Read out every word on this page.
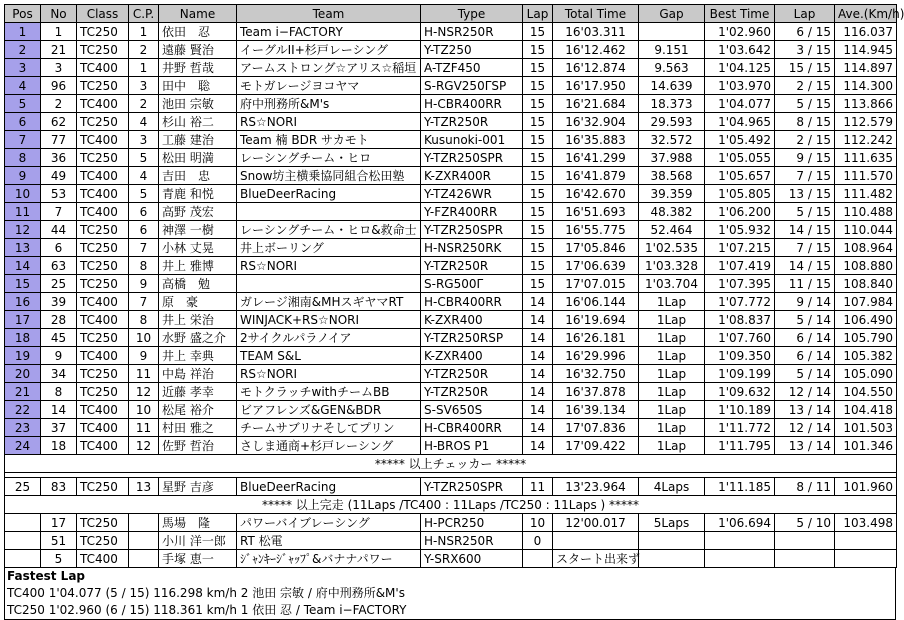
Pos	No	Class	C.P.	Name	Team	Type	Lap	Total Time	Gap	Best Time	Lap	Ave.(Km/h)
1	1	TC250	1	依田　忍	Team i−FACTORY	H-NSR250R	15	16'03.311		1'02.960	6 / 15	116.037
2	21	TC250	2	遠藤 賢治	イーグルII+杉戸レーシング	Y-TZ250	15	16'12.462	9.151	1'03.642	3 / 15	114.945
3	3	TC400	1	井野 哲哉	アームストロング☆アリス☆稲垣	A-TZF450	15	16'12.874	9.563	1'04.125	15 / 15	114.897
4	96	TC250	3	田中　聡	モトガレージヨコヤマ	S-RGV250ΓSP	15	16'17.950	14.639	1'03.970	2 / 15	114.300
5	2	TC400	2	池田 宗敏	府中刑務所&M's	H-CBR400RR	15	16'21.684	18.373	1'04.077	5 / 15	113.866
6	62	TC250	4	杉山 裕二	RS☆NORI	Y-TZR250R	15	16'32.904	29.593	1'04.965	8 / 15	112.579
7	77	TC400	3	工藤 建治	Team 楠 BDR サカモト	Kusunoki-001	15	16'35.883	32.572	1'05.492	2 / 15	112.242
8	36	TC250	5	松田 明満	レーシングチーム・ヒロ	Y-TZR250SPR	15	16'41.299	37.988	1'05.055	9 / 15	111.635
9	49	TC400	4	吉田　忠	Snow坊主横乗協同組合松田塾	K-ZXR400R	15	16'41.879	38.568	1'05.657	7 / 15	111.570
10	53	TC400	5	青鹿 和悦	BlueDeerRacing	Y-TZ426WR	15	16'42.670	39.359	1'05.805	13 / 15	111.482
11	7	TC400	6	高野 茂宏		Y-FZR400RR	15	16'51.693	48.382	1'06.200	5 / 15	110.488
12	44	TC250	6	神澤 一樹	レーシングチーム・ヒロ&救命士	Y-TZR250SPR	15	16'55.775	52.464	1'05.932	14 / 15	110.044
13	6	TC250	7	小林 丈晃	井上ボーリング	H-NSR250RK	15	17'05.846	1'02.535	1'07.215	7 / 15	108.964
14	63	TC250	8	井上 雅博	RS☆NORI	Y-TZR250R	15	17'06.639	1'03.328	1'07.419	14 / 15	108.880
15	25	TC250	9	高橋　勉		S-RG500Γ	15	17'07.015	1'03.704	1'07.395	11 / 15	108.840
16	39	TC400	7	原　豪	ガレージ湘南&MHスギヤマRT	H-CBR400RR	14	16'06.144	1Lap	1'07.772	9 / 14	107.984
17	28	TC400	8	井上 栄治	WINJACK+RS☆NORI	K-ZXR400	14	16'19.694	1Lap	1'08.837	5 / 14	106.490
18	45	TC250	10	水野 盛之介	2サイクルパラノイア	Y-TZR250RSP	14	16'26.181	1Lap	1'07.760	6 / 14	105.790
19	9	TC400	9	井上 幸典	TEAM S&L	K-ZXR400	14	16'29.996	1Lap	1'09.350	6 / 14	105.382
20	34	TC250	11	中島 祥治	RS☆NORI	Y-TZR250R	14	16'32.750	1Lap	1'09.199	5 / 14	105.090
21	8	TC250	12	近藤 孝幸	モトクラッチwithチームBB	Y-TZR250R	14	16'37.878	1Lap	1'09.632	12 / 14	104.550
22	14	TC400	10	松尾 裕介	ビアフレンズ&GEN&BDR	S-SV650S	14	16'39.134	1Lap	1'10.189	13 / 14	104.418
23	37	TC400	11	村田 雅之	チームサブリナそしてプリン	H-CBR400RR	14	17'07.836	1Lap	1'11.772	12 / 14	101.503
24	18	TC400	12	佐野 哲治	さしま通商+杉戸レーシング	H-BROS P1	14	17'09.422	1Lap	1'11.795	13 / 14	101.346
***** 以上チェッカー *****												

25	83	TC250	13	星野 吉彦	BlueDeerRacing	Y-TZR250SPR	11	13'23.964	4Laps	1'11.185	8 / 11	101.960
***** 以上完走 (11Laps /TC400 : 11Laps /TC250 : 11Laps ) *****												
	17	TC250		馬場　隆	パワーバイブレーシング	H-PCR250	10	12'00.017	5Laps	1'06.694	5 / 10	103.498
	51	TC250		小川 洋一郎	RT 松電	H-NSR250R	0					
	5	TC400		手塚 恵一	ｼﾞｬﾝｷｰｼﾞｬｯﾌﾟ&バナナパワー	Y-SRX600		スタート出来ず				
Fastest Lap
TC400 1'04.077 (5 / 15) 116.298 km/h 2 池田 宗敏 / 府中刑務所&M's
TC250 1'02.960 (6 / 15) 118.361 km/h 1 依田 忍 / Team i−FACTORY
